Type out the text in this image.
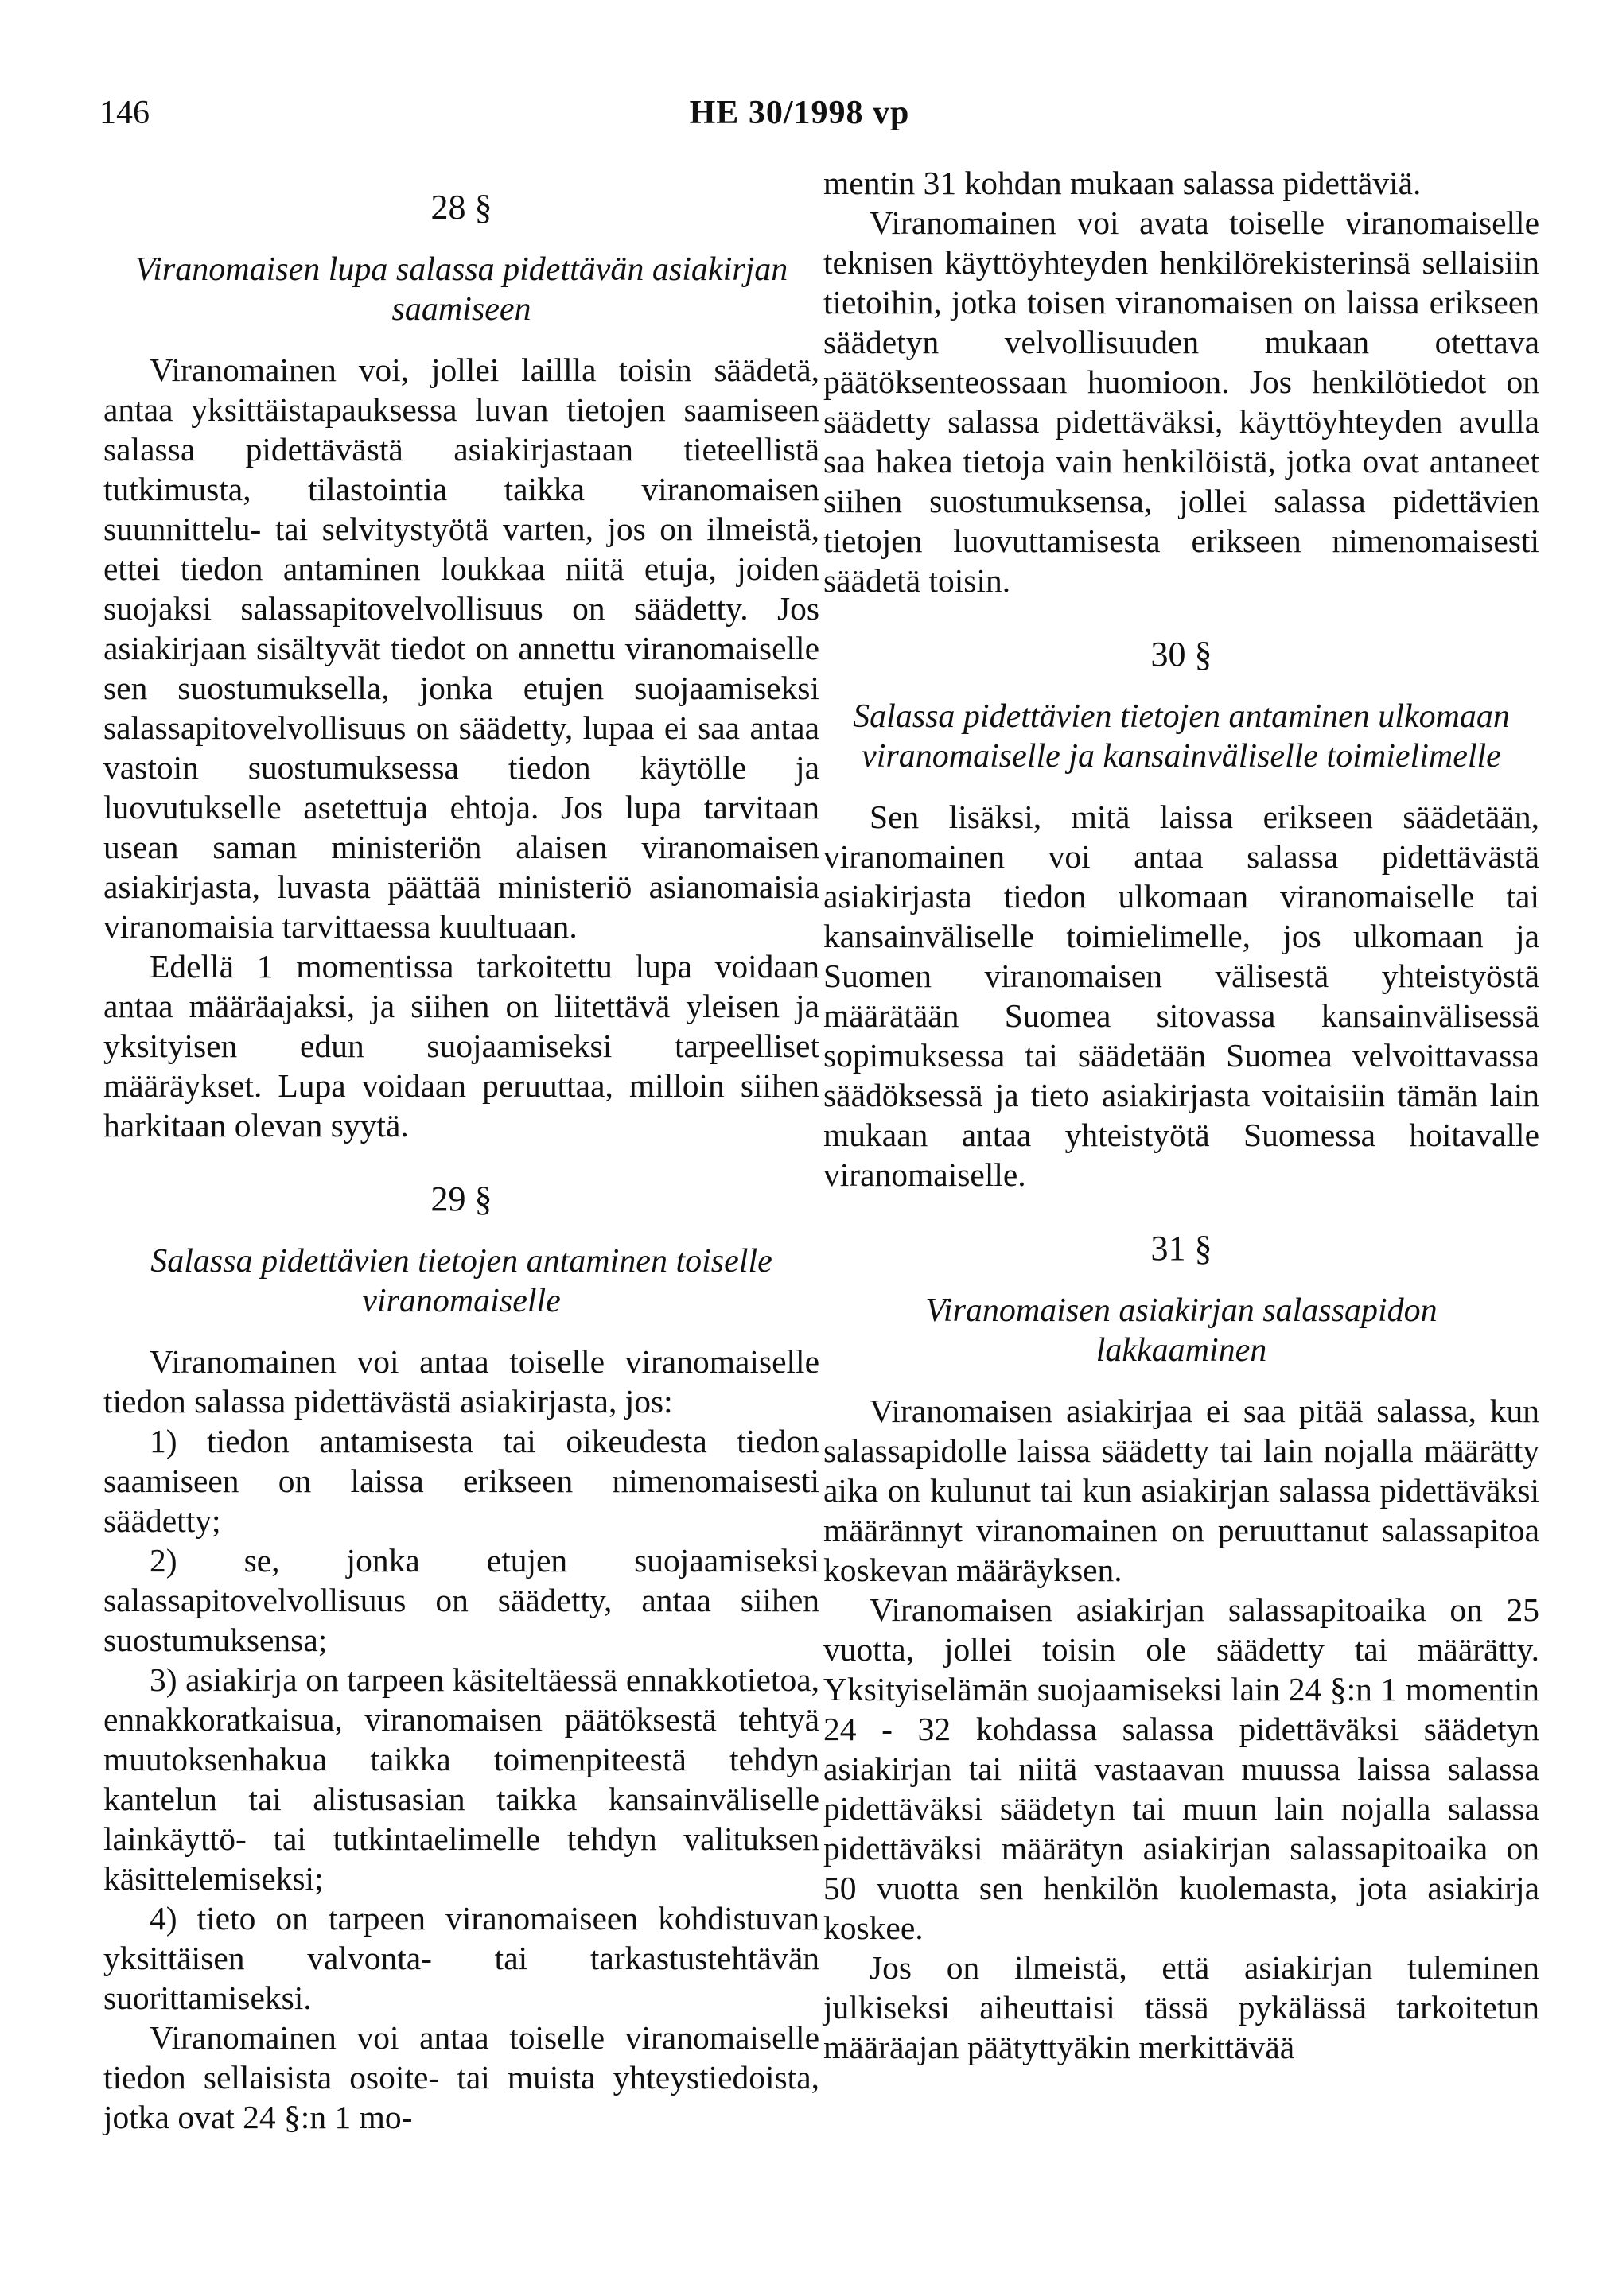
146	HE 30/1998 vp
28 §
Viranomaisen lupa salassa pidettävän asiakirjan saamiseen

Viranomainen voi, jollei laillla toisin säädetä, antaa yksittäistapauksessa luvan tietojen saamiseen salassa pidettävästä asiakirjastaan tieteellistä tutkimusta, tilastointia taikka viranomaisen suunnittelu- tai selvitystyötä varten, jos on ilmeistä, ettei tiedon antaminen loukkaa niitä etuja, joiden suojaksi salassapitovelvollisuus on säädetty. Jos asiakirjaan sisältyvät tiedot on annettu viranomaiselle sen suostumuksella, jonka etujen suojaamiseksi salassapitovelvollisuus on säädetty, lupaa ei saa antaa vastoin suostumuksessa tiedon käytölle ja luovutukselle asetettuja ehtoja. Jos lupa tarvitaan usean saman ministeriön alaisen viranomaisen asiakirjasta, luvasta päättää ministeriö asianomaisia viranomaisia tarvittaessa kuultuaan.

Edellä 1 momentissa tarkoitettu lupa voidaan antaa määräajaksi, ja siihen on liitettävä yleisen ja yksityisen edun suojaamiseksi tarpeelliset määräykset. Lupa voidaan peruuttaa, milloin siihen harkitaan olevan syytä.

29 §
Salassa pidettävien tietojen antaminen toiselle viranomaiselle

Viranomainen voi antaa toiselle viranomaiselle tiedon salassa pidettävästä asiakirjasta, jos:

1) tiedon antamisesta tai oikeudesta tiedon saamiseen on laissa erikseen nimenomaisesti säädetty;

2) se, jonka etujen suojaamiseksi salassapitovelvollisuus on säädetty, antaa siihen suostumuksensa;

3) asiakirja on tarpeen käsiteltäessä ennakkotietoa, ennakkoratkaisua, viranomaisen päätöksestä tehtyä muutoksenhakua taikka toimenpiteestä tehdyn kantelun tai alistusasian taikka kansainväliselle lainkäyttö- tai tutkintaelimelle tehdyn valituksen käsittelemiseksi;

4) tieto on tarpeen viranomaiseen kohdistuvan yksittäisen valvonta- tai tarkastustehtävän suorittamiseksi.

Viranomainen voi antaa toiselle viranomaiselle tiedon sellaisista osoite- tai muista yhteystiedoista, jotka ovat 24 §:n 1 mo-

mentin 31 kohdan mukaan salassa pidettäviä.

Viranomainen voi avata toiselle viranomaiselle teknisen käyttöyhteyden henkilörekisterinsä sellaisiin tietoihin, jotka toisen viranomaisen on laissa erikseen säädetyn velvollisuuden mukaan otettava päätöksenteossaan huomioon. Jos henkilötiedot on säädetty salassa pidettäväksi, käyttöyhteyden avulla saa hakea tietoja vain henkilöistä, jotka ovat antaneet siihen suostumuksensa, jollei salassa pidettävien tietojen luovuttamisesta erikseen nimenomaisesti säädetä toisin.

30 §
Salassa pidettävien tietojen antaminen ulkomaan viranomaiselle ja kansainväliselle toimielimelle

Sen lisäksi, mitä laissa erikseen säädetään, viranomainen voi antaa salassa pidettävästä asiakirjasta tiedon ulkomaan viranomaiselle tai kansainväliselle toimielimelle, jos ulkomaan ja Suomen viranomaisen välisestä yhteistyöstä määrätään Suomea sitovassa kansainvälisessä sopimuksessa tai säädetään Suomea velvoittavassa säädöksessä ja tieto asiakirjasta voitaisiin tämän lain mukaan antaa yhteistyötä Suomessa hoitavalle viranomaiselle.

31 §
Viranomaisen asiakirjan salassapidon lakkaaminen

Viranomaisen asiakirjaa ei saa pitää salassa, kun salassapidolle laissa säädetty tai lain nojalla määrätty aika on kulunut tai kun asiakirjan salassa pidettäväksi määrännyt viranomainen on peruuttanut salassapitoa koskevan määräyksen.

Viranomaisen asiakirjan salassapitoaika on 25 vuotta, jollei toisin ole säädetty tai määrätty. Yksityiselämän suojaamiseksi lain 24 §:n 1 momentin 24 - 32 kohdassa salassa pidettäväksi säädetyn asiakirjan tai niitä vastaavan muussa laissa salassa pidettäväksi säädetyn tai muun lain nojalla salassa pidettäväksi määrätyn asiakirjan salassapitoaika on 50 vuotta sen henkilön kuolemasta, jota asiakirja koskee.

Jos on ilmeistä, että asiakirjan tuleminen julkiseksi aiheuttaisi tässä pykälässä tarkoitetun määräajan päätyttyäkin merkittävää
